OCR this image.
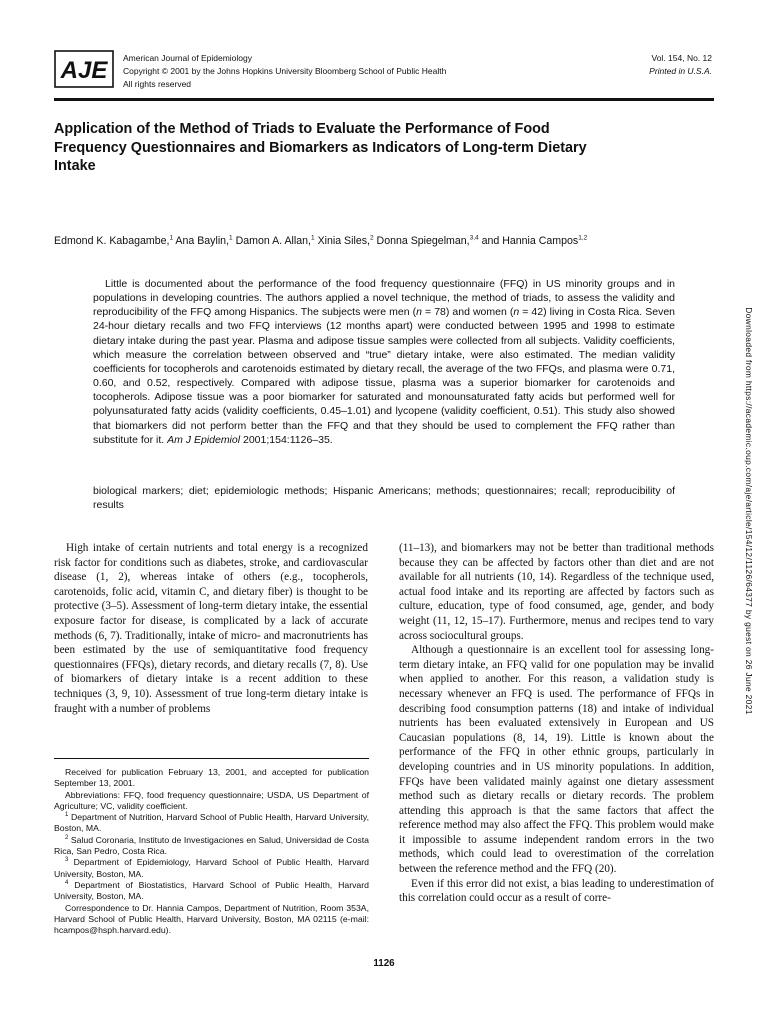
AJE American Journal of Epidemiology
Copyright © 2001 by the Johns Hopkins University Bloomberg School of Public Health
All rights reserved
Vol. 154, No. 12
Printed in U.S.A.
Application of the Method of Triads to Evaluate the Performance of Food Frequency Questionnaires and Biomarkers as Indicators of Long-term Dietary Intake

Edmond K. Kabagambe,$^1$ Ana Baylin,$^1$ Damon A. Allan,$^1$ Xinia Siles,$^2$ Donna Spiegelman,$^{3,4}$ and Hannia Campos$^{1,2}$

Little is documented about the performance of the food frequency questionnaire (FFQ) in US minority groups and in populations in developing countries. The authors applied a novel technique, the method of triads, to assess the validity and reproducibility of the FFQ among Hispanics. The subjects were men (n = 78) and women (n = 42) living in Costa Rica. Seven 24-hour dietary recalls and two FFQ interviews (12 months apart) were conducted between 1995 and 1998 to estimate dietary intake during the past year. Plasma and adipose tissue samples were collected from all subjects. Validity coefficients, which measure the correlation between observed and “true” dietary intake, were also estimated. The median validity coefficients for tocopherols and carotenoids estimated by dietary recall, the average of the two FFQs, and plasma were 0.71, 0.60, and 0.52, respectively. Compared with adipose tissue, plasma was a superior biomarker for carotenoids and tocopherols. Adipose tissue was a poor biomarker for saturated and monounsaturated fatty acids but performed well for polyunsaturated fatty acids (validity coefficients, 0.45–1.01) and lycopene (validity coefficient, 0.51). This study also showed that biomarkers did not perform better than the FFQ and that they should be used to complement the FFQ rather than substitute for it. Am J Epidemiol 2001;154:1126–35.

biological markers; diet; epidemiologic methods; Hispanic Americans; methods; questionnaires; recall; reproducibility of results

High intake of certain nutrients and total energy is a recognized risk factor for conditions such as diabetes, stroke, and cardiovascular disease (1, 2), whereas intake of others (e.g., tocopherols, carotenoids, folic acid, vitamin C, and dietary fiber) is thought to be protective (3–5). Assessment of long-term dietary intake, the essential exposure factor for disease, is complicated by a lack of accurate methods (6, 7). Traditionally, intake of micro- and macronutrients has been estimated by the use of semiquantitative food frequency questionnaires (FFQs), dietary records, and dietary recalls (7, 8). Use of biomarkers of dietary intake is a recent addition to these techniques (3, 9, 10). Assessment of true long-term dietary intake is fraught with a number of problems

(11–13), and biomarkers may not be better than traditional methods because they can be affected by factors other than diet and are not available for all nutrients (10, 14). Regardless of the technique used, actual food intake and its reporting are affected by factors such as culture, education, type of food consumed, age, gender, and body weight (11, 12, 15–17). Furthermore, menus and recipes tend to vary across sociocultural groups.

Although a questionnaire is an excellent tool for assessing long-term dietary intake, an FFQ valid for one population may be invalid when applied to another. For this reason, a validation study is necessary whenever an FFQ is used. The performance of FFQs in describing food consumption patterns (18) and intake of individual nutrients has been evaluated extensively in European and US Caucasian populations (8, 14, 19). Little is known about the performance of the FFQ in other ethnic groups, particularly in developing countries and in US minority populations. In addition, FFQs have been validated mainly against one dietary assessment method such as dietary recalls or dietary records. The problem attending this approach is that the same factors that affect the reference method may also affect the FFQ. This problem would make it impossible to assume independent random errors in the two methods, which could lead to overestimation of the correlation between the reference method and the FFQ (20).

Even if this error did not exist, a bias leading to underestimation of this correlation could occur as a result of corre-

Received for publication February 13, 2001, and accepted for publication September 13, 2001.

Abbreviations: FFQ, food frequency questionnaire; USDA, US Department of Agriculture; VC, validity coefficient.

$^1$ Department of Nutrition, Harvard School of Public Health, Harvard University, Boston, MA.

$^2$ Salud Coronaria, Instituto de Investigaciones en Salud, Universidad de Costa Rica, San Pedro, Costa Rica.

$^3$ Department of Epidemiology, Harvard School of Public Health, Harvard University, Boston, MA.

$^4$ Department of Biostatistics, Harvard School of Public Health, Harvard University, Boston, MA.

Correspondence to Dr. Hannia Campos, Department of Nutrition, Room 353A, Harvard School of Public Health, Harvard University, Boston, MA 02115 (e-mail: hcampos@hsph.harvard.edu).

1126
Downloaded from https://academic.oup.com/aje/article/154/12/1126/64377 by guest on 26 June 2021
